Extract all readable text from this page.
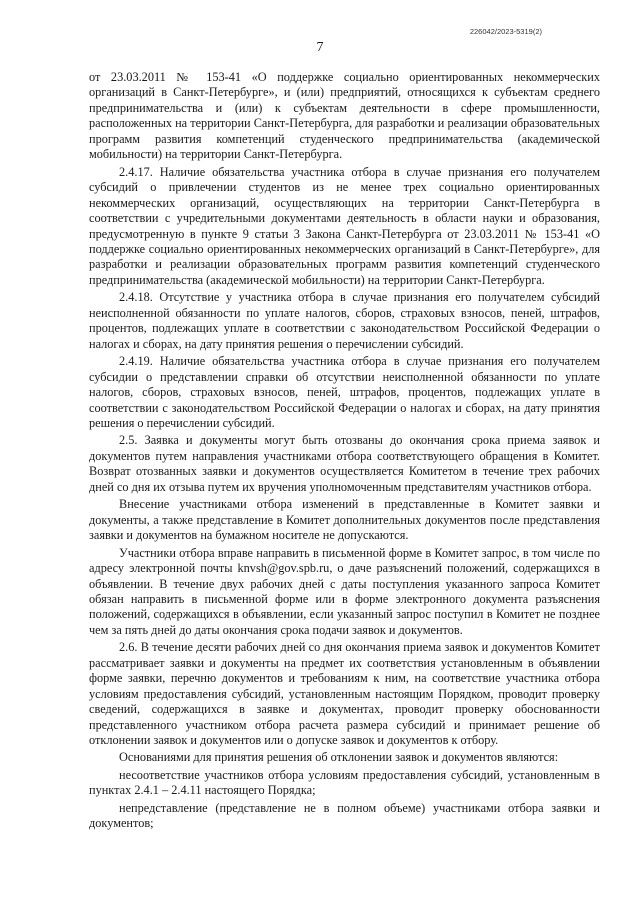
226042/2023-5319(2)
7

от 23.03.2011 № 153-41 «О поддержке социально ориентированных некоммерческих организаций в Санкт-Петербурге», и (или) предприятий, относящихся к субъектам среднего предпринимательства и (или) к субъектам деятельности в сфере промышленности, расположенных на территории Санкт-Петербурга, для разработки и реализации образовательных программ развития компетенций студенческого предпринимательства (академической мобильности) на территории Санкт-Петербурга.

2.4.17. Наличие обязательства участника отбора в случае признания его получателем субсидий о привлечении студентов из не менее трех социально ориентированных некоммерческих организаций, осуществляющих на территории Санкт-Петербурга в соответствии с учредительными документами деятельность в области науки и образования, предусмотренную в пункте 9 статьи 3 Закона Санкт-Петербурга от 23.03.2011 № 153-41 «О поддержке социально ориентированных некоммерческих организаций в Санкт-Петербурге», для разработки и реализации образовательных программ развития компетенций студенческого предпринимательства (академической мобильности) на территории Санкт-Петербурга.

2.4.18. Отсутствие у участника отбора в случае признания его получателем субсидий неисполненной обязанности по уплате налогов, сборов, страховых взносов, пеней, штрафов, процентов, подлежащих уплате в соответствии с законодательством Российской Федерации о налогах и сборах, на дату принятия решения о перечислении субсидий.

2.4.19. Наличие обязательства участника отбора в случае признания его получателем субсидии о представлении справки об отсутствии неисполненной обязанности по уплате налогов, сборов, страховых взносов, пеней, штрафов, процентов, подлежащих уплате в соответствии с законодательством Российской Федерации о налогах и сборах, на дату принятия решения о перечислении субсидий.

2.5. Заявка и документы могут быть отозваны до окончания срока приема заявок и документов путем направления участниками отбора соответствующего обращения в Комитет. Возврат отозванных заявки и документов осуществляется Комитетом в течение трех рабочих дней со дня их отзыва путем их вручения уполномоченным представителям участников отбора.

Внесение участниками отбора изменений в представленные в Комитет заявки и документы, а также представление в Комитет дополнительных документов после представления заявки и документов на бумажном носителе не допускаются.

Участники отбора вправе направить в письменной форме в Комитет запрос, в том числе по адресу электронной почты knvsh@gov.spb.ru, о даче разъяснений положений, содержащихся в объявлении. В течение двух рабочих дней с даты поступления указанного запроса Комитет обязан направить в письменной форме или в форме электронного документа разъяснения положений, содержащихся в объявлении, если указанный запрос поступил в Комитет не позднее чем за пять дней до даты окончания срока подачи заявок и документов.

2.6. В течение десяти рабочих дней со дня окончания приема заявок и документов Комитет рассматривает заявки и документы на предмет их соответствия установленным в объявлении форме заявки, перечню документов и требованиям к ним, на соответствие участника отбора условиям предоставления субсидий, установленным настоящим Порядком, проводит проверку сведений, содержащихся в заявке и документах, проводит проверку обоснованности представленного участником отбора расчета размера субсидий и принимает решение об отклонении заявок и документов или о допуске заявок и документов к отбору.

Основаниями для принятия решения об отклонении заявок и документов являются:

несоответствие участников отбора условиям предоставления субсидий, установленным в пунктах 2.4.1 – 2.4.11 настоящего Порядка;

непредставление (представление не в полном объеме) участниками отбора заявки и документов;
